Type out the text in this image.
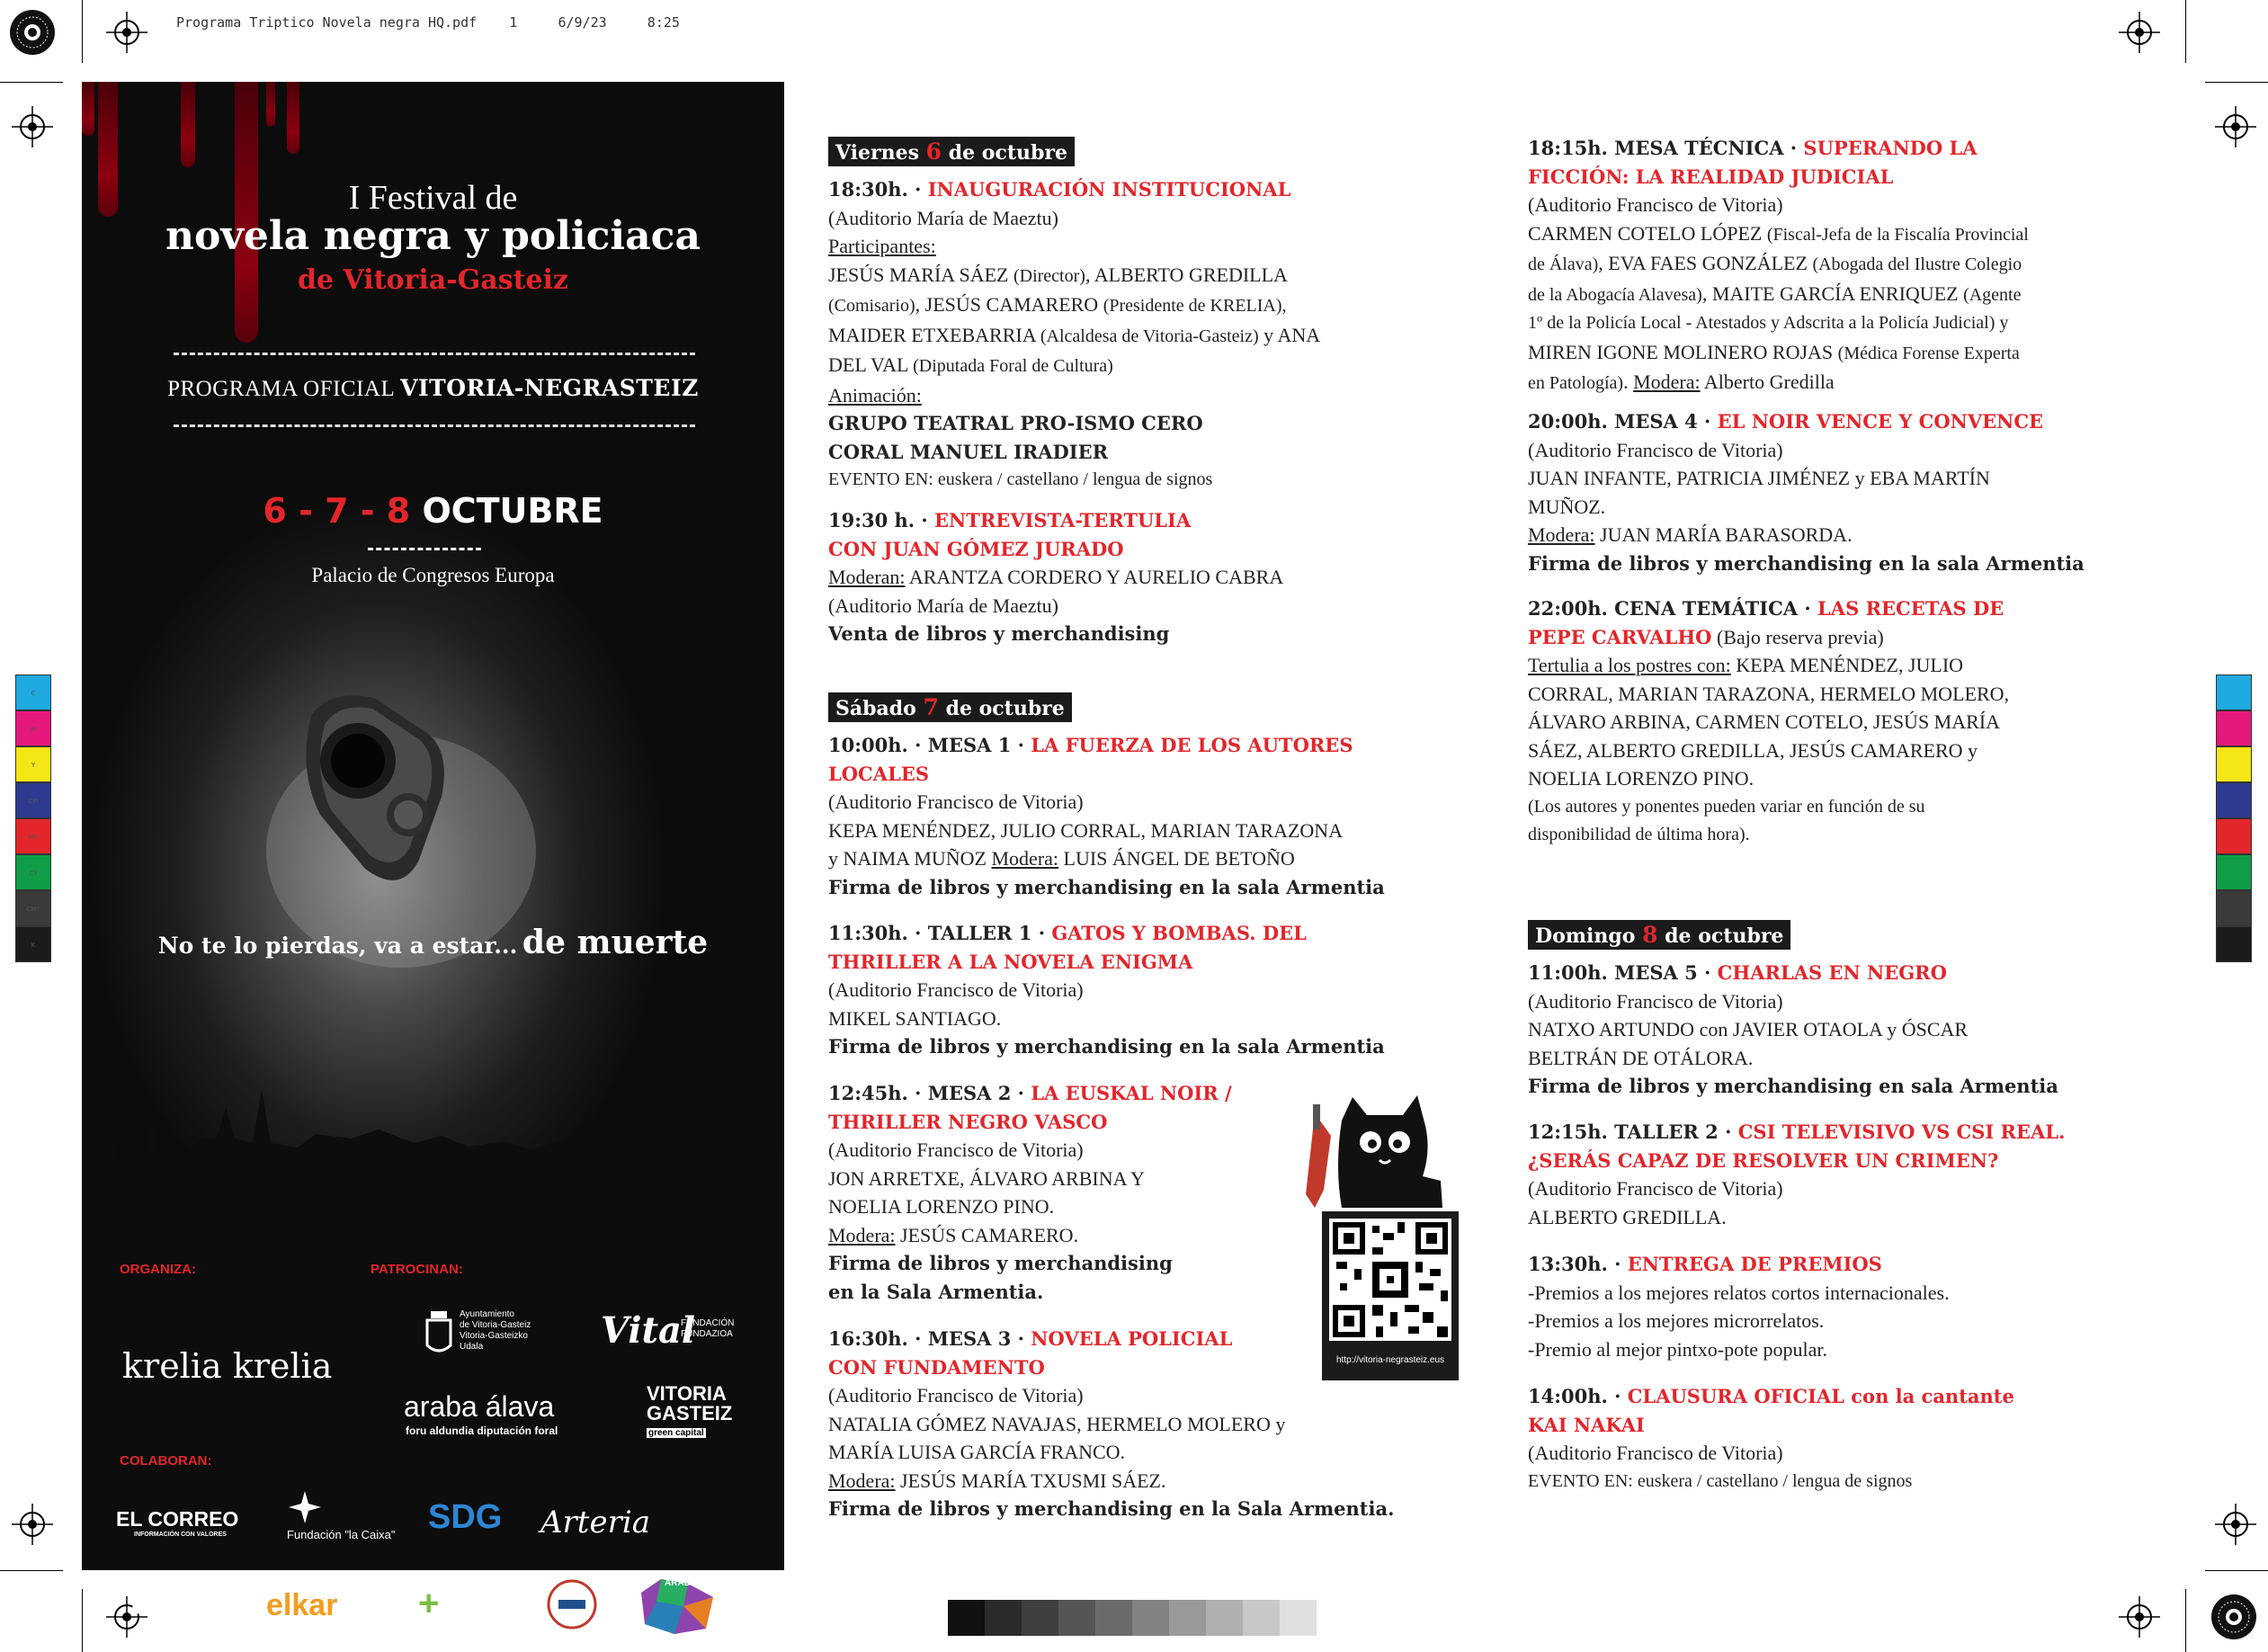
Programa Triptico Novela negra HQ.pdf 1	6/9/23	8:25
C
M
Y
CM
MY
CY
CMY
K
I Festival de
novela negra y policiaca
de Vitoria-Gasteiz
PROGRAMA OFICIAL VITORIA-NEGRASTEIZ
6 - 7 - 8 OCTUBRE
Palacio de Congresos Europa
No te lo pierdas, va a estar... de muerte
ORGANIZA:	PATROCINAN:
krelia krelia
Ayuntamiento
de Vitoria-Gasteiz
Vitoria-Gasteizko
Udala	Vital
FUNDACIÓN
FUNDAZIOA
araba álava
foru aldundia diputación foral
VITORIA
GASTEIZ
green capital
COLABORAN:
EL CORREO
INFORMACIÓN CON VALORES	Fundación "la Caixa" SDG Arteria
ayser.com
<fuerza online>
elkar LEGO
+ en comunicación corporativa
ARABA
Viernes 6 de octubre
18:30h. · INAUGURACIÓN INSTITUCIONAL
(Auditorio María de Maeztu)
Participantes:
JESÚS MARÍA SÁEZ (Director), ALBERTO GREDILLA
(Comisario), JESÚS CAMARERO (Presidente de KRELIA),
MAIDER ETXEBARRIA (Alcaldesa de Vitoria-Gasteiz) y ANA
DEL VAL (Diputada Foral de Cultura)
Animación:
GRUPO TEATRAL PRO-ISMO CERO
CORAL MANUEL IRADIER
EVENTO EN: euskera / castellano / lengua de signos
19:30 h. · ENTREVISTA-TERTULIA
CON JUAN GÓMEZ JURADO
Moderan: ARANTZA CORDERO Y AURELIO CABRA
(Auditorio María de Maeztu)
Venta de libros y merchandising
Sábado 7 de octubre
10:00h. · MESA 1 · LA FUERZA DE LOS AUTORES
LOCALES
(Auditorio Francisco de Vitoria)
KEPA MENÉNDEZ, JULIO CORRAL, MARIAN TARAZONA
y NAIMA MUÑOZ Modera: LUIS ÁNGEL DE BETOÑO
Firma de libros y merchandising en la sala Armentia
11:30h. · TALLER 1 · GATOS Y BOMBAS. DEL
THRILLER A LA NOVELA ENIGMA
(Auditorio Francisco de Vitoria)
MIKEL SANTIAGO.
Firma de libros y merchandising en la sala Armentia
12:45h. · MESA 2 · LA EUSKAL NOIR /
THRILLER NEGRO VASCO
(Auditorio Francisco de Vitoria)
JON ARRETXE, ÁLVARO ARBINA Y
NOELIA LORENZO PINO.
Modera: JESÚS CAMARERO.
Firma de libros y merchandising
en la Sala Armentia.
http://vitoria-negrasteiz.eus
16:30h. · MESA 3 · NOVELA POLICIAL
CON FUNDAMENTO
(Auditorio Francisco de Vitoria)
NATALIA GÓMEZ NAVAJAS, HERMELO MOLERO y
MARÍA LUISA GARCÍA FRANCO.
Modera: JESÚS MARÍA TXUSMI SÁEZ.
Firma de libros y merchandising en la Sala Armentia.
18:15h. MESA TÉCNICA · SUPERANDO LA
FICCIÓN: LA REALIDAD JUDICIAL
(Auditorio Francisco de Vitoria)
CARMEN COTELO LÓPEZ (Fiscal-Jefa de la Fiscalía Provincial
de Álava), EVA FAES GONZÁLEZ (Abogada del Ilustre Colegio
de la Abogacía Alavesa), MAITE GARCÍA ENRIQUEZ (Agente
1º de la Policía Local - Atestados y Adscrita a la Policía Judicial) y
MIREN IGONE MOLINERO ROJAS (Médica Forense Experta
en Patología). Modera: Alberto Gredilla
20:00h. MESA 4 · EL NOIR VENCE Y CONVENCE
(Auditorio Francisco de Vitoria)
JUAN INFANTE, PATRICIA JIMÉNEZ y EBA MARTÍN
MUÑOZ.
Modera: JUAN MARÍA BARASORDA.
Firma de libros y merchandising en la sala Armentia
22:00h. CENA TEMÁTICA · LAS RECETAS DE
PEPE CARVALHO (Bajo reserva previa)
Tertulia a los postres con: KEPA MENÉNDEZ, JULIO
CORRAL, MARIAN TARAZONA, HERMELO MOLERO,
ÁLVARO ARBINA, CARMEN COTELO, JESÚS MARÍA
SÁEZ, ALBERTO GREDILLA, JESÚS CAMARERO y
NOELIA LORENZO PINO.
(Los autores y ponentes pueden variar en función de su
disponibilidad de última hora).
Domingo 8 de octubre
11:00h. MESA 5 · CHARLAS EN NEGRO
(Auditorio Francisco de Vitoria)
NATXO ARTUNDO con JAVIER OTAOLA y ÓSCAR
BELTRÁN DE OTÁLORA.
Firma de libros y merchandising en sala Armentia
12:15h. TALLER 2 · CSI TELEVISIVO VS CSI REAL.
¿SERÁS CAPAZ DE RESOLVER UN CRIMEN?
(Auditorio Francisco de Vitoria)
ALBERTO GREDILLA.
13:30h. · ENTREGA DE PREMIOS
-Premios a los mejores relatos cortos internacionales.
-Premios a los mejores microrrelatos.
-Premio al mejor pintxo-pote popular.
14:00h. · CLAUSURA OFICIAL con la cantante
KAI NAKAI
(Auditorio Francisco de Vitoria)
EVENTO EN: euskera / castellano / lengua de signos
